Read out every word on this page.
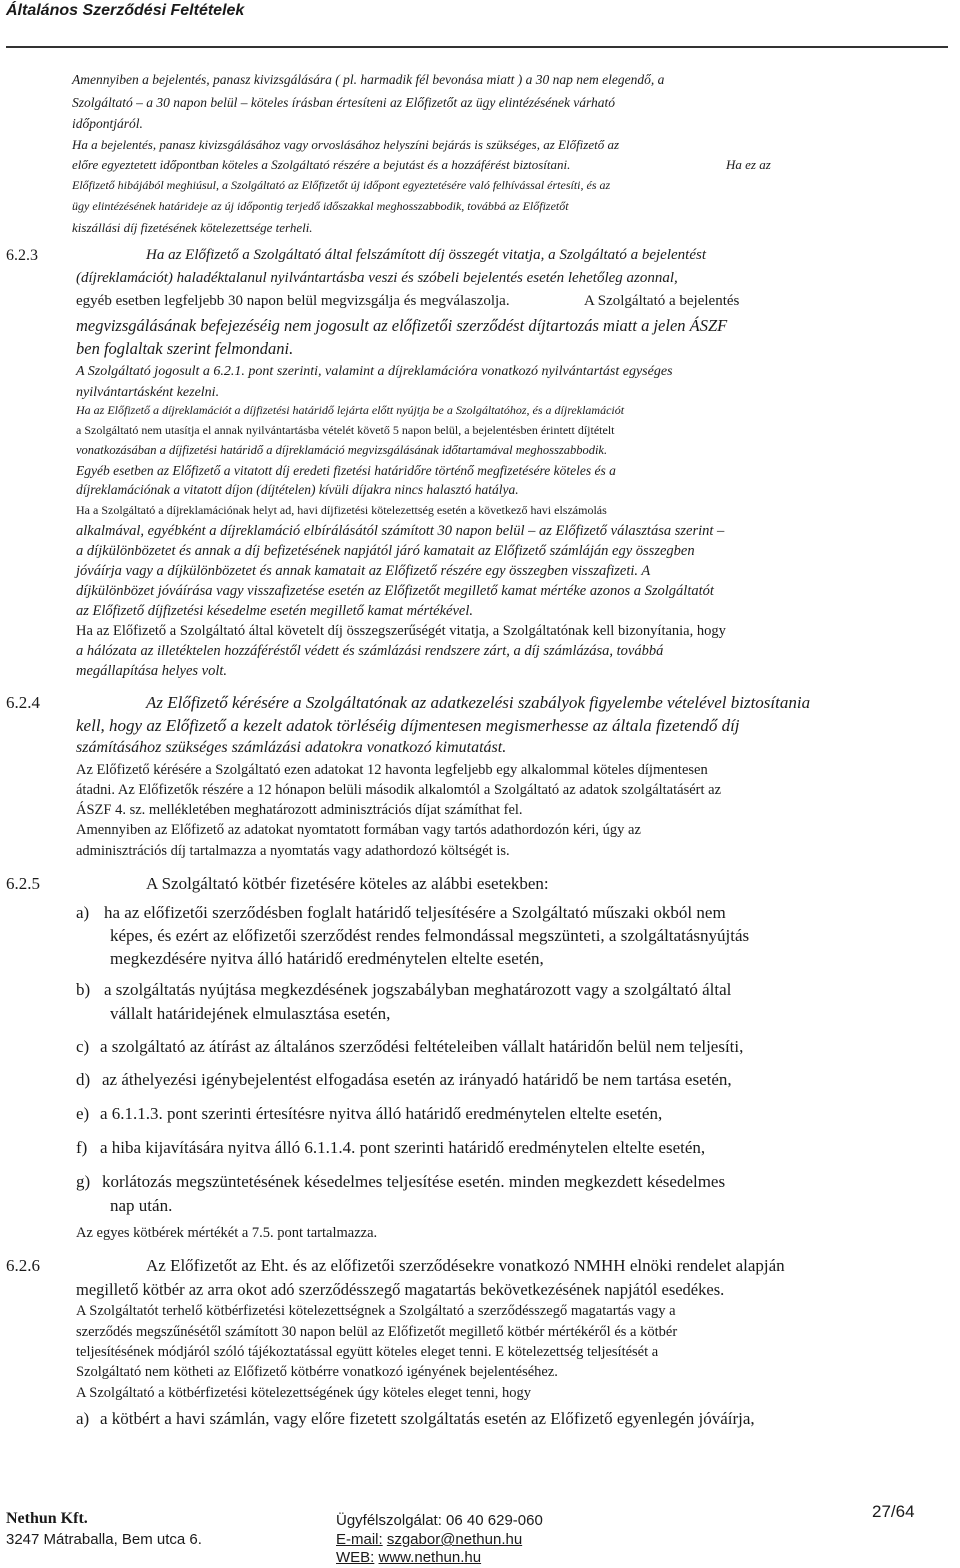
Általános Szerződési Feltételek
Amennyiben a bejelentés, panasz kivizsgálására ( pl. harmadik fél bevonása miatt ) a 30 nap nem elegendő, a
Szolgáltató – a 30 napon belül – köteles írásban értesíteni az Előfizetőt az ügy elintézésének várható
időpontjáról.
Ha a bejelentés, panasz kivizsgálásához vagy orvoslásához helyszíni bejárás is szükséges, az Előfizető az
előre egyeztetett időpontban köteles a Szolgáltató részére a bejutást és a hozzáférést biztosítani.	Ha ez az
Előfizető hibájából meghiúsul, a Szolgáltató az Előfizetőt új időpont egyeztetésére való felhívással értesíti, és az
ügy elintézésének határideje az új időpontig terjedő időszakkal meghosszabbodik, továbbá az Előfizetőt
kiszállási díj fizetésének kötelezettsége terheli.
6.2.3	Ha az Előfizető a Szolgáltató által felszámított díj összegét vitatja, a Szolgáltató a bejelentést
(díjreklamációt) haladéktalanul nyilvántartásba veszi és szóbeli bejelentés esetén lehetőleg azonnal,
egyéb esetben legfeljebb 30 napon belül megvizsgálja és megválaszolja.	A Szolgáltató a bejelentés
megvizsgálásának befejezéséig nem jogosult az előfizetői szerződést díjtartozás miatt a jelen ÁSZF
ben foglaltak szerint felmondani.
A Szolgáltató jogosult a 6.2.1. pont szerinti, valamint a díjreklamációra vonatkozó nyilvántartást egységes
nyilvántartásként kezelni.
Ha az Előfizető a díjreklamációt a díjfizetési határidő lejárta előtt nyújtja be a Szolgáltatóhoz, és a díjreklamációt
a Szolgáltató nem utasítja el annak nyilvántartásba vételét követő 5 napon belül, a bejelentésben érintett díjtételt
vonatkozásában a díjfizetési határidő a díjreklamáció megvizsgálásának időtartamával meghosszabbodik.
Egyéb esetben az Előfizető a vitatott díj eredeti fizetési határidőre történő megfizetésére köteles és a
díjreklamációnak a vitatott díjon (díjtételen) kívüli díjakra nincs halasztó hatálya.
Ha a Szolgáltató a díjreklamációnak helyt ad, havi díjfizetési kötelezettség esetén a következő havi elszámolás
alkalmával, egyébként a díjreklamáció elbírálásától számított 30 napon belül – az Előfizető választása szerint –
a díjkülönbözetet és annak a díj befizetésének napjától járó kamatait az Előfizető számláján egy összegben
jóváírja vagy a díjkülönbözetet és annak kamatait az Előfizető részére egy összegben visszafizeti. A
díjkülönbözet jóváírása vagy visszafizetése esetén az Előfizetőt megillető kamat mértéke azonos a Szolgáltatót
az Előfizető díjfizetési késedelme esetén megillető kamat mértékével.
Ha az Előfizető a Szolgáltató által követelt díj összegszerűségét vitatja, a Szolgáltatónak kell bizonyítania, hogy
a hálózata az illetéktelen hozzáféréstől védett és számlázási rendszere zárt, a díj számlázása, továbbá
megállapítása helyes volt.
6.2.4	Az Előfizető kérésére a Szolgáltatónak az adatkezelési szabályok figyelembe vételével biztosítania
kell, hogy az Előfizető a kezelt adatok törléséig díjmentesen megismerhesse az általa fizetendő díj
számításához szükséges számlázási adatokra vonatkozó kimutatást.
Az Előfizető kérésére a Szolgáltató ezen adatokat 12 havonta legfeljebb egy alkalommal köteles díjmentesen
átadni. Az Előfizetők részére a 12 hónapon belüli második alkalomtól a Szolgáltató az adatok szolgáltatásért az
ÁSZF 4. sz. mellékletében meghatározott adminisztrációs díjat számíthat fel.
Amennyiben az Előfizető az adatokat nyomtatott formában vagy tartós adathordozón kéri, úgy az
adminisztrációs díj tartalmazza a nyomtatás vagy adathordozó költségét is.
6.2.5	A Szolgáltató kötbér fizetésére köteles az alábbi esetekben:
a) ha az előfizetői szerződésben foglalt határidő teljesítésére a Szolgáltató műszaki okból nem
képes, és ezért az előfizetői szerződést rendes felmondással megszünteti, a szolgáltatásnyújtás
megkezdésére nyitva álló határidő eredménytelen eltelte esetén,
b) a szolgáltatás nyújtása megkezdésének jogszabályban meghatározott vagy a szolgáltató által
vállalt határidejének elmulasztása esetén,
c) a szolgáltató az átírást az általános szerződési feltételeiben vállalt határidőn belül nem teljesíti,
d) az áthelyezési igénybejelentést elfogadása esetén az irányadó határidő be nem tartása esetén,
e) a 6.1.1.3. pont szerinti értesítésre nyitva álló határidő eredménytelen eltelte esetén,
f) a hiba kijavítására nyitva álló 6.1.1.4. pont szerinti határidő eredménytelen eltelte esetén,
g) korlátozás megszüntetésének késedelmes teljesítése esetén. minden megkezdett késedelmes
nap után.
Az egyes kötbérek mértékét a 7.5. pont tartalmazza.
6.2.6	Az Előfizetőt az Eht. és az előfizetői szerződésekre vonatkozó NMHH elnöki rendelet alapján
megillető kötbér az arra okot adó szerződésszegő magatartás bekövetkezésének napjától esedékes.
A Szolgáltatót terhelő kötbérfizetési kötelezettségnek a Szolgáltató a szerződésszegő magatartás vagy a
szerződés megszűnésétől számított 30 napon belül az Előfizetőt megillető kötbér mértékéről és a kötbér
teljesítésének módjáról szóló tájékoztatással együtt köteles eleget tenni. E kötelezettség teljesítését a
Szolgáltató nem kötheti az Előfizető kötbérre vonatkozó igényének bejelentéséhez.
A Szolgáltató a kötbérfizetési kötelezettségének úgy köteles eleget tenni, hogy
a) a kötbért a havi számlán, vagy előre fizetett szolgáltatás esetén az Előfizető egyenlegén jóváírja,
Nethun Kft.
3247 Mátraballa, Bem utca 6.
Ügyfélszolgálat: 06 40 629-060
E-mail: szgabor@nethun.hu
WEB: www.nethun.hu
27/64
